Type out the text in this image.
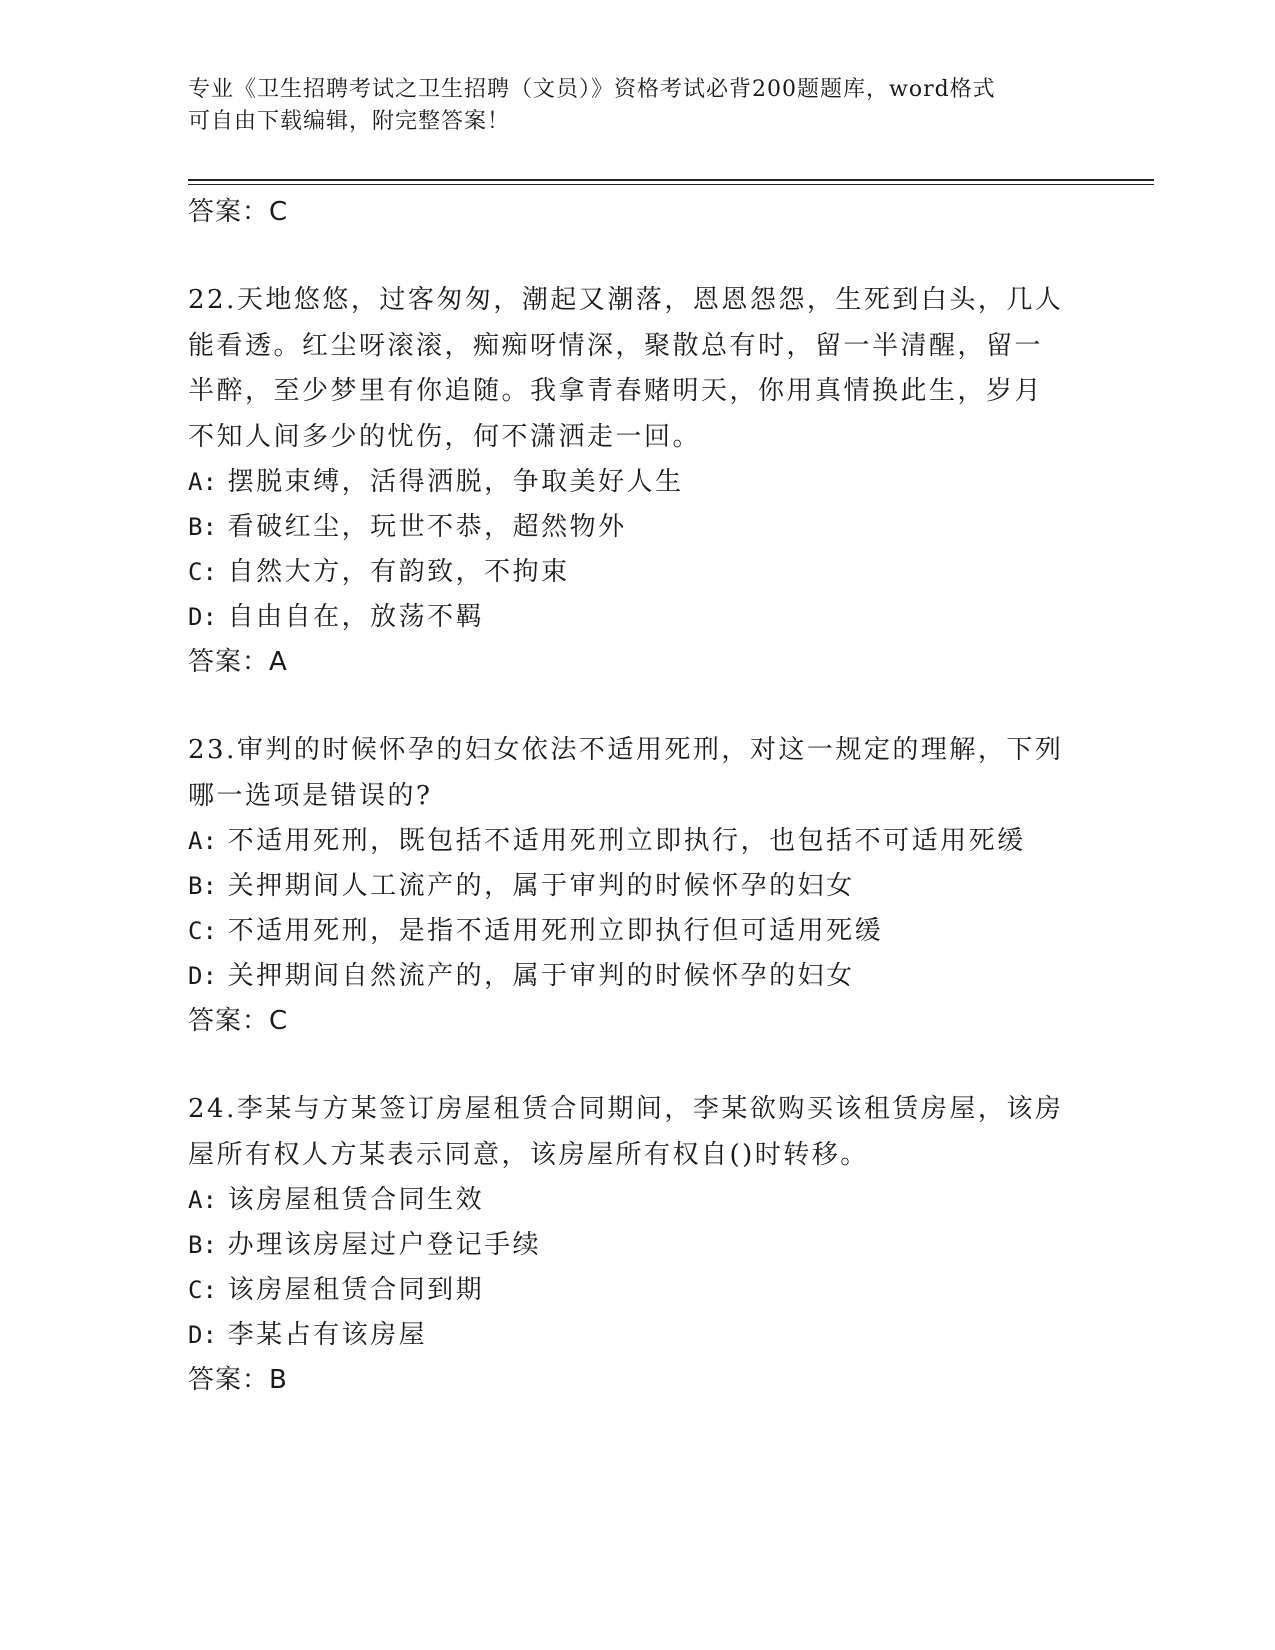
专业《卫生招聘考试之卫生招聘（文员）》资格考试必背200题题库，word格式
可自由下载编辑，附完整答案！
答案：C
22.天地悠悠，过客匆匆，潮起又潮落，恩恩怨怨，生死到白头，几人能看透。红尘呀滚滚，痴痴呀情深，聚散总有时，留一半清醒，留一半醉，至少梦里有你追随。我拿青春赌明天，你用真情换此生，岁月不知人间多少的忧伤，何不潇洒走一回。
A: 摆脱束缚，活得洒脱，争取美好人生
B: 看破红尘，玩世不恭，超然物外
C: 自然大方，有韵致，不拘束
D: 自由自在，放荡不羁
答案：A
23.审判的时候怀孕的妇女依法不适用死刑，对这一规定的理解，下列哪一选项是错误的?
A: 不适用死刑，既包括不适用死刑立即执行，也包括不可适用死缓
B: 关押期间人工流产的，属于审判的时候怀孕的妇女
C: 不适用死刑，是指不适用死刑立即执行但可适用死缓
D: 关押期间自然流产的，属于审判的时候怀孕的妇女
答案：C
24.李某与方某签订房屋租赁合同期间，李某欲购买该租赁房屋，该房屋所有权人方某表示同意，该房屋所有权自()时转移。
A: 该房屋租赁合同生效
B: 办理该房屋过户登记手续
C: 该房屋租赁合同到期
D: 李某占有该房屋
答案：B
